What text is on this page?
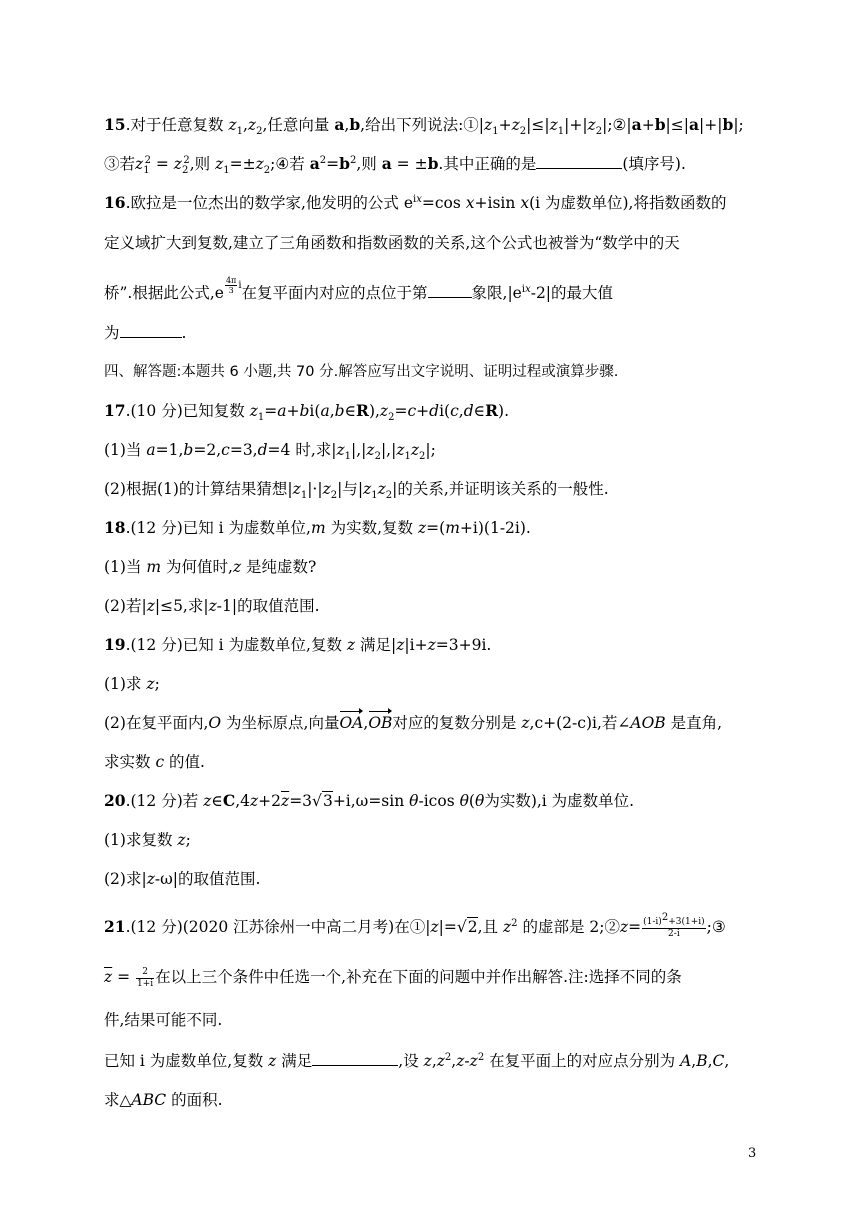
15.对于任意复数 $z_1,z_2$,任意向量 a,b,给出下列说法$:①|z_1+z_2|\le|z_1|+|z_2|;②|a+b|\le|a|+|b|$;
③若$z_1^2 = z_2^2$,则 $z_1=\pm z_2;④$若 $a^2=b^2$,则 a = ±b.其中正确的是	(填序号).
16.欧拉是一位杰出的数学家,他发明的公式 $e^{ix}=\cos$ x+isin x(i 为虚数单位),将指数函数的
定义域扩大到复数,建立了三角函数和指数函数的关系,这个公式也被誉为“数学中的天
桥”.根据此公式,e $^{\frac{4\pi}{3} i}$在复平面内对应的点位于第	象限$,|e^{ix}-2|$的最大值
为	.
四、解答题:本题共 6 小题,共 70 分.解答应写出文字说明、证明过程或演算步骤.
17.(10 分)已知复数 $z_1=a+bi(a,b\in R),z_2=c+di(c,d\in R)$.
(1)当 a=1,b=2,c=3,d=4 时,求$|z_1|,|z_2|,|z_1z_2|$;
(2)根据(1)的计算结果猜想$|z_1|\cdot|z_2|$与$|z_1z_2|$的关系,并证明该关系的一般性.
18.(12 分)已知 i 为虚数单位,m 为实数,复数 z=(m+i)(1-2i).
(1)当 m 为何值时,z 是纯虚数?
(2)若|z|≤5,求|z-1|的取值范围.
19.(12 分)已知 i 为虚数单位,复数 z 满足|z|i+z=3+9i.
(1)求 z;
(2)在复平面内,O 为坐标原点,向量OA,OB对应的复数分别是 z,c+(2-c)i,若∠AOB 是直角,
求实数 c 的值.
20.(12 分)若 $z\in C,4z+2\overline{z}=3√3+i,\omega=\sin$ θ-icos θ(θ为实数),i 为虚数单位.
(1)求复数 z;
(2)求|z-ω|的取值范围.
21.(12 分)(2020 江苏徐州一中高二月考)在①|z|=√2,且 $z^2$ 的虚部是 2;②z= $\frac{(1-i)^2+3(1+i)}{2-i}$ ;③
$\overline{z} = \frac{2}{1+i}$ 在以上三个条件中任选一个,补充在下面的问题中并作出解答.注:选择不同的条
件,结果可能不同.
已知 i 为虚数单位,复数 z 满足	,设 $z,z^2,z-z^2$ 在复平面上的对应点分别为 A,B,C,
求△ABC 的面积.
3
